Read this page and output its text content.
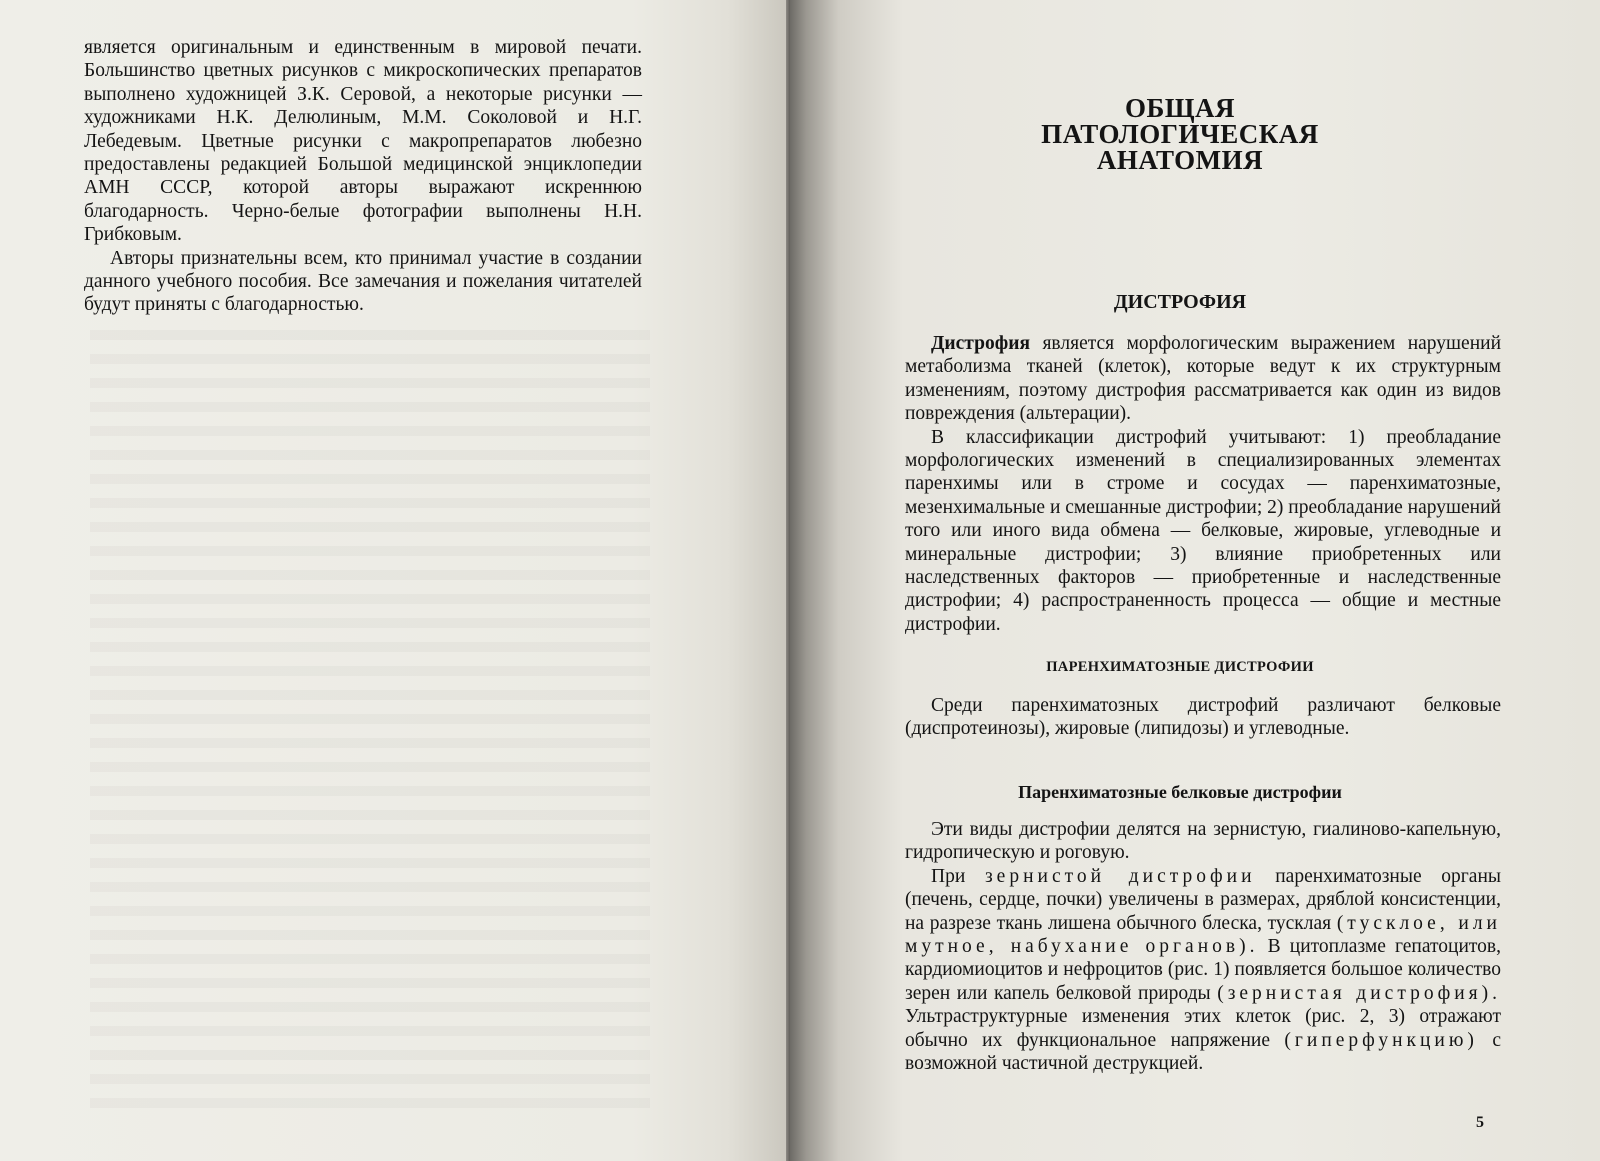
является оригинальным и единственным в мировой печати. Большинство цветных рисунков с микроскопических препаратов выполнено художницей З.К. Серовой, а некоторые рисунки — художниками Н.К. Делюлиным, М.М. Соколовой и Н.Г. Лебедевым. Цветные рисунки с макропрепаратов любезно предоставлены редакцией Большой медицинской энциклопедии АМН СССР, которой авторы выражают искреннюю благодарность. Черно-белые фотографии выполнены Н.Н. Грибковым.

Авторы признательны всем, кто принимал участие в создании данного учебного пособия. Все замечания и пожелания читателей будут приняты с благодарностью.

ОБЩАЯ
ПАТОЛОГИЧЕСКАЯ
АНАТОМИЯ
ДИСТРОФИЯ

Дистрофия является морфологическим выражением нарушений метаболизма тканей (клеток), которые ведут к их структурным изменениям, поэтому дистрофия рассматривается как один из видов повреждения (альтерации).

В классификации дистрофий учитывают: 1) преобладание морфологических изменений в специализированных элементах паренхимы или в строме и сосудах — паренхиматозные, мезенхимальные и смешанные дистрофии; 2) преобладание нарушений того или иного вида обмена — белковые, жировые, углеводные и минеральные дистрофии; 3) влияние приобретенных или наследственных факторов — приобретенные и наследственные дистрофии; 4) распространенность процесса — общие и местные дистрофии.

ПАРЕНХИМАТОЗНЫЕ ДИСТРОФИИ

Среди паренхиматозных дистрофий различают белковые (диспротеинозы), жировые (липидозы) и углеводные.

Паренхиматозные белковые дистрофии

Эти виды дистрофии делятся на зернистую, гиалиново-капельную, гидропическую и роговую.

При зернистой дистрофии паренхиматозные органы (печень, сердце, почки) увеличены в размерах, дряблой консистенции, на разрезе ткань лишена обычного блеска, тусклая (тусклое, или мутное, набухание органов). В цитоплазме гепатоцитов, кардиомиоцитов и нефроцитов (рис. 1) появляется большое количество зерен или капель белковой природы (зернистая дистрофия). Ультраструктурные изменения этих клеток (рис. 2, 3) отражают обычно их функциональное напряжение (гиперфункцию) с возможной частичной деструкцией.

5
